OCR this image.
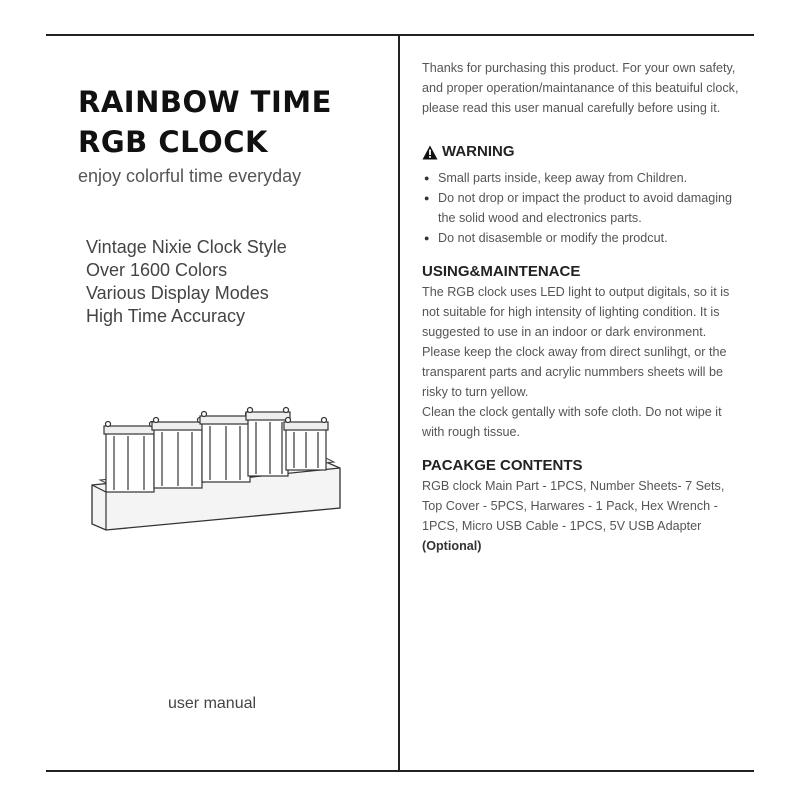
RAINBOW TIME
RGB CLOCK
enjoy colorful time everyday
Vintage Nixie Clock Style
Over 1600 Colors
Various Display Modes
High Time Accuracy
user manual

Thanks for purchasing this product. For your own safety, and proper operation/maintanance of this beatuiful clock, please read this user manual carefully before using it.

WARNING
● Small parts inside, keep away from Children.
● Do not drop or impact the product to avoid damaging the solid wood and electronics parts.
● Do not disasemble or modify the prodcut.
USING&MAINTENACE

The RGB clock uses LED light to output digitals, so it is not suitable for high intensity of lighting condition. It is suggested to use in an indoor or dark environment. Please keep the clock away from direct sunlihgt, or the transparent parts and acrylic nummbers sheets will be risky to turn yellow.

Clean the clock gentally with sofe cloth. Do not wipe it with rough tissue.

PACAKGE CONTENTS

RGB clock Main Part - 1PCS, Number Sheets- 7 Sets, Top Cover - 5PCS, Harwares - 1 Pack, Hex Wrench - 1PCS, Micro USB Cable - 1PCS, 5V USB Adapter (Optional)
